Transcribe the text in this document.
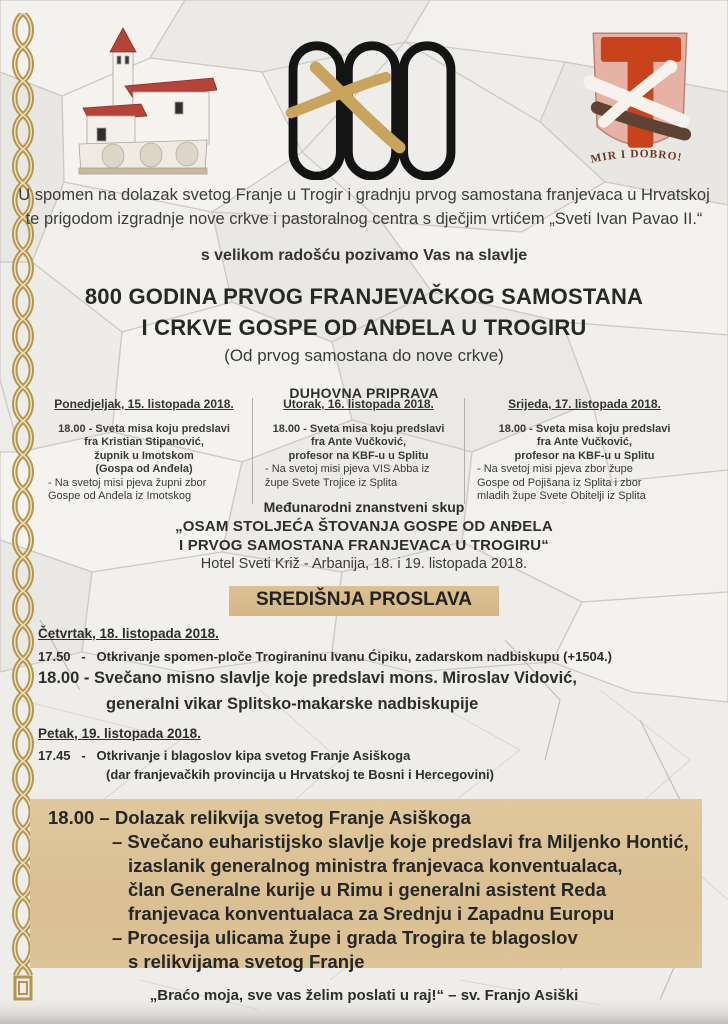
MIR I DOBRO!
U spomen na dolazak svetog Franje u Trogir i gradnju prvog samostana franjevaca u Hrvatskoj
te prigodom izgradnje nove crkve i pastoralnog centra s dječjim vrtićem „Sveti Ivan Pavao II.“
s velikom radošću pozivamo Vas na slavlje
800 GODINA PRVOG FRANJEVAČKOG SAMOSTANA
I CRKVE GOSPE OD ANĐELA U TROGIRU
(Od prvog samostana do nove crkve)
DUHOVNA PRIPRAVA
Ponedjeljak, 15. listopada 2018.
18.00 - Sveta misa koju predslavi
fra Kristian Stipanović,
župnik u Imotskom
(Gospa od Anđela)
- Na svetoj misi pjeva župni zbor
Gospe od Anđela iz Imotskog
Utorak, 16. listopada 2018.
18.00 - Sveta misa koju predslavi
fra Ante Vučković,
profesor na KBF-u u Splitu
- Na svetoj misi pjeva VIS Abba iz
župe Svete Trojice iz Splita
Srijeda, 17. listopada 2018.
18.00 - Sveta misa koju predslavi
fra Ante Vučković,
profesor na KBF-u u Splitu
- Na svetoj misi pjeva zbor župe
Gospe od Pojišana iz Splita i zbor
mladih župe Svete Obitelji iz Splita
Međunarodni znanstveni skup
„OSAM STOLJEĆA ŠTOVANJA GOSPE OD ANĐELA
I PRVOG SAMOSTANA FRANJEVACA U TROGIRU“
Hotel Sveti Križ - Arbanija, 18. i 19. listopada 2018.
SREDIŠNJA PROSLAVA
Četvrtak, 18. listopada 2018.
17.50   -   Otkrivanje spomen-ploče Trogiraninu Ivanu Ćipiku, zadarskom nadbiskupu (+1504.)
18.00 - Svečano misno slavlje koje predslavi mons. Miroslav Vidović,
generalni vikar Splitsko-makarske nadbiskupije
Petak, 19. listopada 2018.
17.45   -   Otkrivanje i blagoslov kipa svetog Franje Asiškoga
(dar franjevačkih provincija u Hrvatskoj te Bosni i Hercegovini)
18.00 – Dolazak relikvija svetog Franje Asiškoga
– Svečano euharistijsko slavlje koje predslavi fra Miljenko Hontić,
izaslanik generalnog ministra franjevaca konventualaca,
član Generalne kurije u Rimu i generalni asistent Reda
franjevaca konventualaca za Srednju i Zapadnu Europu
– Procesija ulicama župe i grada Trogira te blagoslov
s relikvijama svetog Franje
„Braćo moja, sve vas želim poslati u raj!“ – sv. Franjo Asiški
